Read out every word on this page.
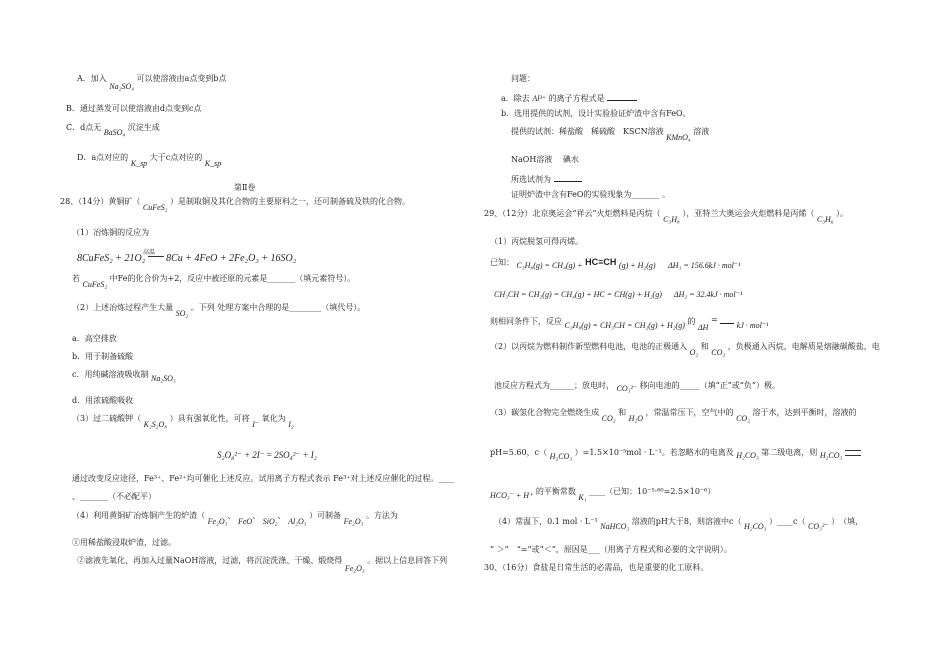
A．加入 Na₂SO₄ 可以使溶液由a点变到b点
B．通过蒸发可以使溶液由d点变到c点
C．d点无 BaSO₄ 沉淀生成
D．a点对应的 K_sp 大于c点对应的 K_sp
第Ⅱ卷
28、（14分）黄铜矿（ CuFeS₂ ）是制取铜及其化合物的主要原料之一，还可制备硫及铁的化合物。
（1）冶炼铜的反应为
8CuFeS₂ + 21O₂ 8Cu + 4FeO + 2Fe₂O₃ + 16SO₂
高温
若 CuFeS₂ 中Fe的化合价为+2，反应中被还原的元素是_______（填元素符号）。
（2）上述冶炼过程产生大量 SO₂ 。下列 处理方案中合理的是________（填代号）。
a．高空排放
b．用于制备硫酸
c．用纯碱溶液吸收制 Na₂SO₃
d．用浓硫酸吸收
（3）过二硫酸钾（ K₂S₂O₈ ）具有强氧化性，可将 I⁻ 氧化为 I₂
S₂O₈²⁻ + 2I⁻ = 2SO₄²⁻ + I₂
通过改变反应途径，Fe³⁺、Fe²⁺均可催化上述反应。试用离子方程式表示 Fe³⁺对上述反应催化的过程。____
、_______（不必配平）
（4）利用黄铜矿冶炼铜产生的炉渣（ Fe₂O₃、 FeO、 SiO₂、 Al₂O₃ ）可制备 Fe₂O₃ 。方法为
①用稀盐酸浸取炉渣，过滤。
②滤液先氧化，再加入过量NaOH溶液，过滤，将沉淀洗涤、干燥、煅烧得 Fe₂O₃ 。据以上信息回答下列
问题：
a．除去 Al³⁺ 的离子方程式是
b．选用提供的试剂，设计实验验证炉渣中含有FeO。
提供的试剂：稀盐酸　稀硫酸　KSCN溶液 KMnO₄ 溶液
NaOH溶液　 碘水
所选试剂为
证明炉渣中含有FeO的实验现象为_______ 。
29、（12分）北京奥运会“祥云”火炬燃料是丙烷（ C₃H₈ ），亚特兰大奥运会火炬燃料是丙烯（ C₃H₆ ）。
（1）丙烷脱氢可得丙烯。
已知： C₃H₈(g) = CH₄(g) + HC≡CH (g) + H₂(g) ΔH₁ = 156.6kJ · mol⁻¹
CH₃CH = CH₂(g) = CH₄(g) + HC = CH(g) + H₂(g) ΔH₂ = 32.4kJ · mol⁻¹
则相同条件下，反应 C₃H₈(g) = CH₃CH = CH₂(g) + H₂(g) 的 ΔH =  kJ · mol⁻¹
（2）以丙烷为燃料制作新型燃料电池，电池的正极通入 O₂ 和 CO₂ ，负极通入丙烷，电解质是熔融碳酸盐，电
池反应方程式为______；放电时， CO₃²⁻ 移向电池的_____（填“正”或“负”）极。
（3）碳氢化合物完全燃烧生成 CO₂ 和 H₂O ，常温常压下，空气中的 CO₂ 溶于水，达到平衡时，溶液的
pH=5.60，c（ H₂CO₃ ）=1.5×10⁻⁵mol · L⁻¹。若忽略水的电离及 H₂CO₃ 第二级电离，则 H₂CO₃
HCO₃⁻ + H⁺ 的平衡常数 K₁ ____（已知：10⁻⁵·⁶⁰=2.5×10⁻⁶）
（4）常温下，0.1 mol · L⁻¹ NaHCO₃ 溶液的pH大于8，则溶液中c（ H₂CO₃ ）____c（ CO₃²⁻ ）　（填，
“ ＞”　“=”或“＜”，原因是___（用离子方程式和必要的文字说明）。
30、（16分）食盐是日常生活的必需品，也是重要的化工原料。
